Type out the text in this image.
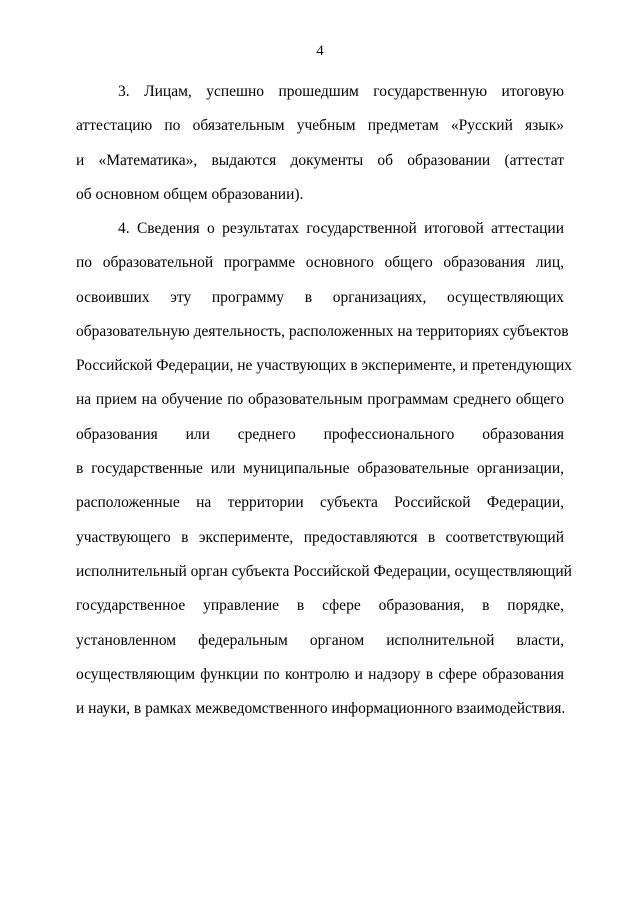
4
3. Лицам, успешно прошедшим государственную итоговую
аттестацию по обязательным учебным предметам «Русский язык»
и «Математика», выдаются документы об образовании (аттестат
об основном общем образовании).
4. Сведения о результатах государственной итоговой аттестации
по образовательной программе основного общего образования лиц,
освоивших эту программу в организациях, осуществляющих
образовательную деятельность, расположенных на территориях субъектов
Российской Федерации, не участвующих в эксперименте, и претендующих
на прием на обучение по образовательным программам среднего общего
образования или среднего профессионального образования
в государственные или муниципальные образовательные организации,
расположенные на территории субъекта Российской Федерации,
участвующего в эксперименте, предоставляются в соответствующий
исполнительный орган субъекта Российской Федерации, осуществляющий
государственное управление в сфере образования, в порядке,
установленном федеральным органом исполнительной власти,
осуществляющим функции по контролю и надзору в сфере образования
и науки, в рамках межведомственного информационного взаимодействия.
